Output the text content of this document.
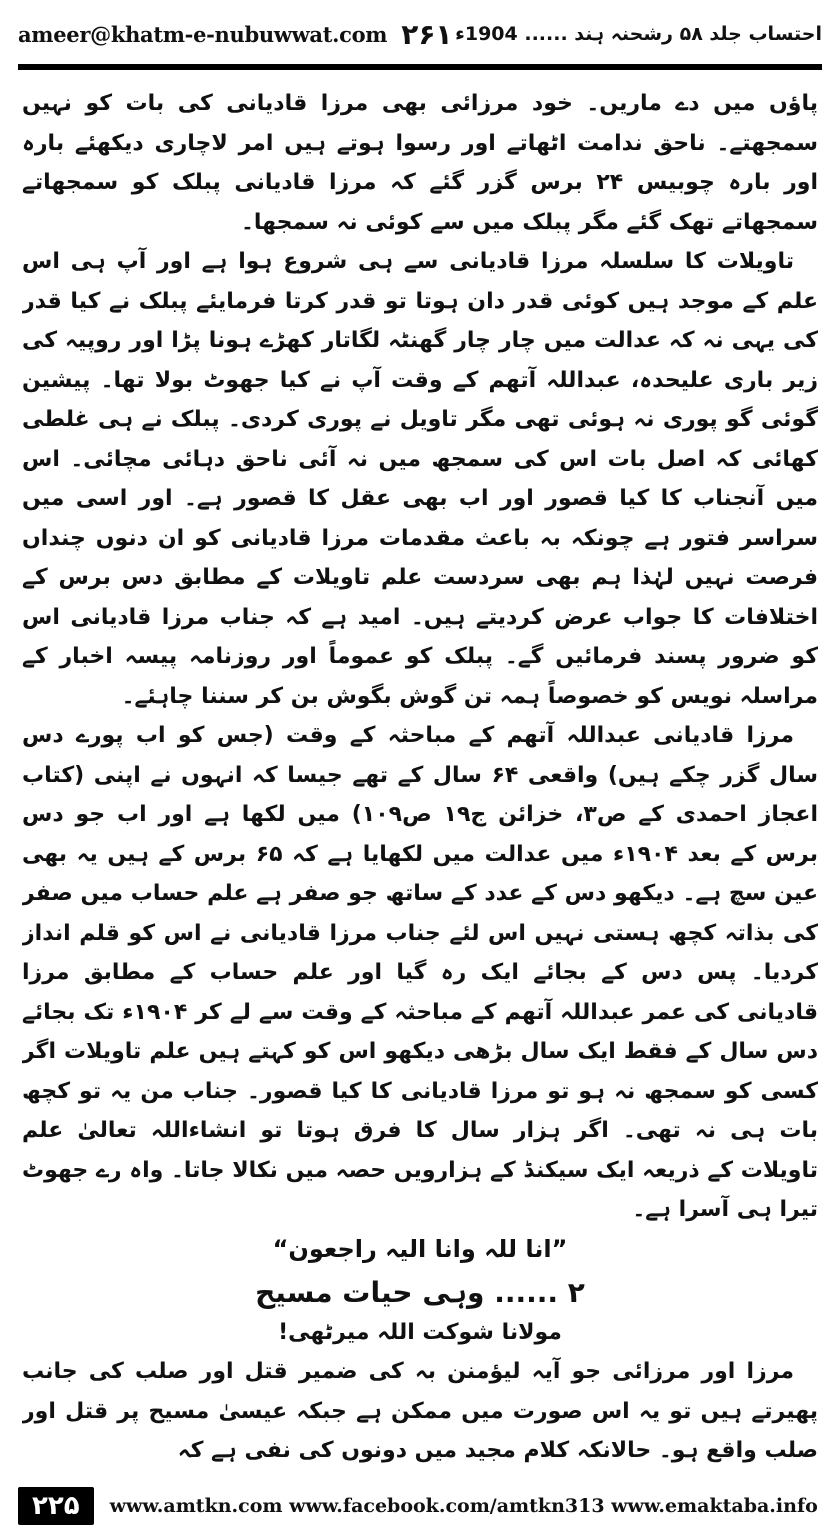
ameer@khatm-e-nubuwwat.com ۲۶۱	احتساب جلد ۵۸ رشحنہ ہند ...... 1904ء

پاؤں میں دے ماریں۔ خود مرزائی بھی مرزا قادیانی کی بات کو نہیں سمجھتے۔ ناحق ندامت اٹھاتے اور رسوا ہوتے ہیں امر لاچاری دیکھئے بارہ اور بارہ چوبیس ۲۴ برس گزر گئے کہ مرزا قادیانی پبلک کو سمجھاتے سمجھاتے تھک گئے مگر پبلک میں سے کوئی نہ سمجھا۔

تاویلات کا سلسلہ مرزا قادیانی سے ہی شروع ہوا ہے اور آپ ہی اس علم کے موجد ہیں کوئی قدر دان ہوتا تو قدر کرتا فرمایئے پبلک نے کیا قدر کی یہی نہ کہ عدالت میں چار چار گھنٹہ لگاتار کھڑے ہونا پڑا اور روپیہ کی زیر باری علیحدہ، عبداللہ آتھم کے وقت آپ نے کیا جھوٹ بولا تھا۔ پیشین گوئی گو پوری نہ ہوئی تھی مگر تاویل نے پوری کردی۔ پبلک نے ہی غلطی کھائی کہ اصل بات اس کی سمجھ میں نہ آئی ناحق دہائی مچائی۔ اس میں آنجناب کا کیا قصور اور اب بھی عقل کا قصور ہے۔ اور اسی میں سراسر فتور ہے چونکہ بہ باعث مقدمات مرزا قادیانی کو ان دنوں چنداں فرصت نہیں لہٰذا ہم بھی سردست علم تاویلات کے مطابق دس برس کے اختلافات کا جواب عرض کردیتے ہیں۔ امید ہے کہ جناب مرزا قادیانی اس کو ضرور پسند فرمائیں گے۔ پبلک کو عموماً اور روزنامہ پیسہ اخبار کے مراسلہ نویس کو خصوصاً ہمہ تن گوش بگوش بن کر سننا چاہئے۔

مرزا قادیانی عبداللہ آتھم کے مباحثہ کے وقت (جس کو اب پورے دس سال گزر چکے ہیں) واقعی ۶۴ سال کے تھے جیسا کہ انہوں نے اپنی (کتاب اعجاز احمدی کے ص۳، خزائن ج۱۹ ص۱۰۹) میں لکھا ہے اور اب جو دس برس کے بعد ۱۹۰۴ء میں عدالت میں لکھایا ہے کہ ۶۵ برس کے ہیں یہ بھی عین سچ ہے۔ دیکھو دس کے عدد کے ساتھ جو صفر ہے علم حساب میں صفر کی بذاتہ کچھ ہستی نہیں اس لئے جناب مرزا قادیانی نے اس کو قلم انداز کردیا۔ پس دس کے بجائے ایک رہ گیا اور علم حساب کے مطابق مرزا قادیانی کی عمر عبداللہ آتھم کے مباحثہ کے وقت سے لے کر ۱۹۰۴ء تک بجائے دس سال کے فقط ایک سال بڑھی دیکھو اس کو کہتے ہیں علم تاویلات اگر کسی کو سمجھ نہ ہو تو مرزا قادیانی کا کیا قصور۔ جناب من یہ تو کچھ بات ہی نہ تھی۔ اگر ہزار سال کا فرق ہوتا تو انشاءاللہ تعالیٰ علم تاویلات کے ذریعہ ایک سیکنڈ کے ہزارویں حصہ میں نکالا جاتا۔ واہ رے جھوٹ تیرا ہی آسرا ہے۔

”انا للہ وانا الیہ راجعون“

۲ ...... وہی حیات مسیح

مولانا شوکت اللہ میرٹھی!

مرزا اور مرزائی جو آیہ لیؤمنن بہ کی ضمیر قتل اور صلب کی جانب پھیرتے ہیں تو یہ اس صورت میں ممکن ہے جبکہ عیسیٰ مسیح پر قتل اور صلب واقع ہو۔ حالانکہ کلام مجید میں دونوں کی نفی ہے کہ

۲۲۵	www.amtkn.com www.facebook.com/amtkn313 www.emaktaba.info
